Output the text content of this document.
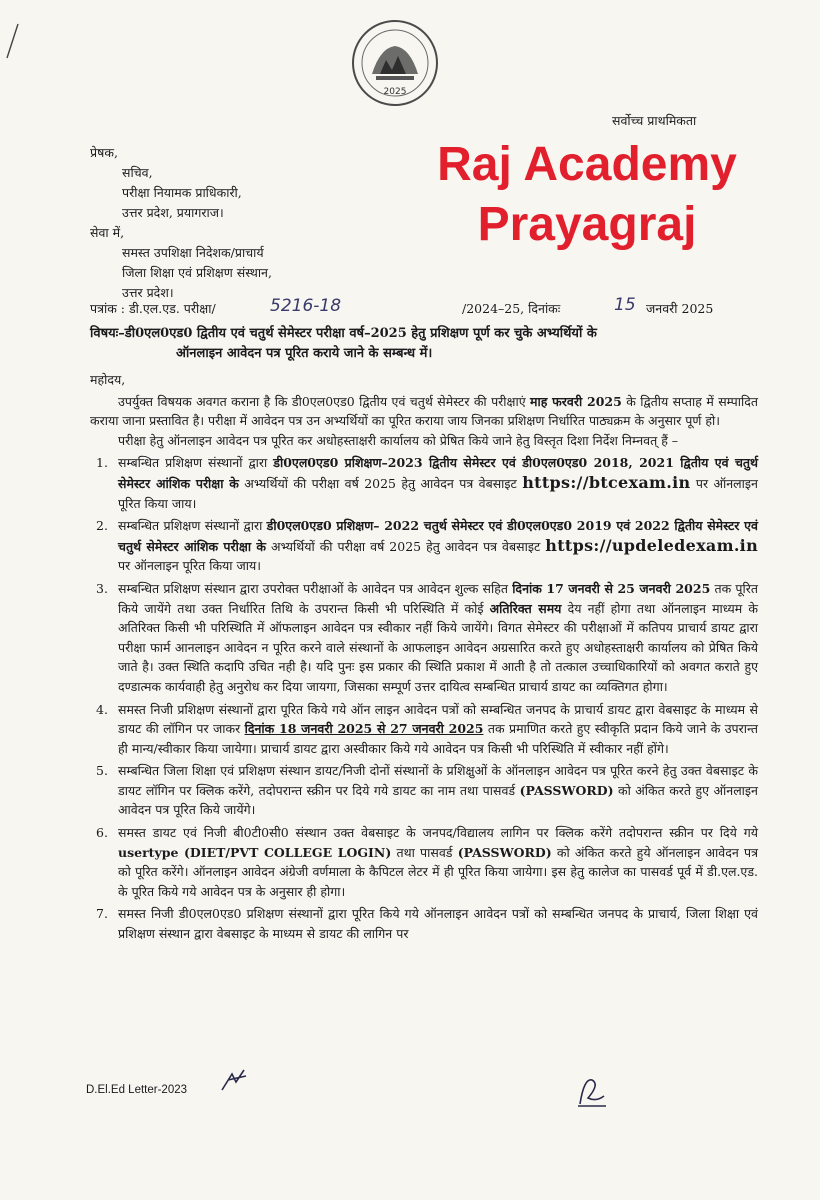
2025
सर्वोच्च प्राथमिकता
प्रेषक,
सचिव,
परीक्षा नियामक प्राधिकारी,
उत्तर प्रदेश, प्रयागराज।
सेवा में,
समस्त उपशिक्षा निदेशक/प्राचार्य
जिला शिक्षा एवं प्रशिक्षण संस्थान,
उत्तर प्रदेश।
Raj Academy
Prayagraj
पत्रांक : डी.एल.एड. परीक्षा/	5216-18	/2024–25, दिनांकः	15 जनवरी 2025
विषयः–डी0एल0एड0 द्वितीय एवं चतुर्थ सेमेस्टर परीक्षा वर्ष–2025 हेतु प्रशिक्षण पूर्ण कर चुके अभ्यर्थियों के
ऑनलाइन आवेदन पत्र पूरित कराये जाने के सम्बन्ध में।

महोदय,

उपर्युक्त विषयक अवगत कराना है कि डी0एल0एड0 द्वितीय एवं चतुर्थ सेमेस्टर की परीक्षाएं माह फरवरी 2025 के द्वितीय सप्ताह में सम्पादित कराया जाना प्रस्तावित है। परीक्षा में आवेदन पत्र उन अभ्यर्थियों का पूरित कराया जाय जिनका प्रशिक्षण निर्धारित पाठ्यक्रम के अनुसार पूर्ण हो।

परीक्षा हेतु ऑनलाइन आवेदन पत्र पूरित कर अधोहस्ताक्षरी कार्यालय को प्रेषित किये जाने हेतु विस्तृत दिशा निर्देश निम्नवत् हैं –

1. सम्बन्धित प्रशिक्षण संस्थानों द्वारा डी0एल0एड0 प्रशिक्षण–2023 द्वितीय सेमेस्टर एवं डी0एल0एड0 2018, 2021 द्वितीय एवं चतुर्थ सेमेस्टर आंशिक परीक्षा के अभ्यर्थियों की परीक्षा वर्ष 2025 हेतु आवेदन पत्र वेबसाइट https://btcexam.in पर ऑनलाइन पूरित किया जाय।
2. सम्बन्धित प्रशिक्षण संस्थानों द्वारा डी0एल0एड0 प्रशिक्षण– 2022 चतुर्थ सेमेस्टर एवं डी0एल0एड0 2019 एवं 2022 द्वितीय सेमेस्टर एवं चतुर्थ सेमेस्टर आंशिक परीक्षा के अभ्यर्थियों की परीक्षा वर्ष 2025 हेतु आवेदन पत्र वेबसाइट https://updeledexam.in पर ऑनलाइन पूरित किया जाय।
3. सम्बन्धित प्रशिक्षण संस्थान द्वारा उपरोक्त परीक्षाओं के आवेदन पत्र आवेदन शुल्क सहित दिनांक 17 जनवरी से 25 जनवरी 2025 तक पूरित किये जायेंगे तथा उक्त निर्धारित तिथि के उपरान्त किसी भी परिस्थिति में कोई अतिरिक्त समय देय नहीं होगा तथा ऑनलाइन माध्यम के अतिरिक्त किसी भी परिस्थिति में ऑफलाइन आवेदन पत्र स्वीकार नहीं किये जायेंगे। विगत सेमेस्टर की परीक्षाओं में कतिपय प्राचार्य डायट द्वारा परीक्षा फार्म आनलाइन आवेदन न पूरित करने वाले संस्थानों के आफलाइन आवेदन अग्रसारित करते हुए अधोहस्ताक्षरी कार्यालय को प्रेषित किये जाते है। उक्त स्थिति कदापि उचित नही है। यदि पुनः इस प्रकार की स्थिति प्रकाश में आती है तो तत्काल उच्चाधिकारियों को अवगत कराते हुए दण्डात्मक कार्यवाही हेतु अनुरोध कर दिया जायगा, जिसका सम्पूर्ण उत्तर दायित्व सम्बन्धित प्राचार्य डायट का व्यक्तिगत होगा।
4. समस्त निजी प्रशिक्षण संस्थानों द्वारा पूरित किये गये ऑन लाइन आवेदन पत्रों को सम्बन्धित जनपद के प्राचार्य डायट द्वारा वेबसाइट के माध्यम से डायट की लॉगिन पर जाकर दिनांक 18 जनवरी 2025 से 27 जनवरी 2025 तक प्रमाणित करते हुए स्वीकृति प्रदान किये जाने के उपरान्त ही मान्य/स्वीकार किया जायेगा। प्राचार्य डायट द्वारा अस्वीकार किये गये आवेदन पत्र किसी भी परिस्थिति में स्वीकार नहीं होंगे।
5. सम्बन्धित जिला शिक्षा एवं प्रशिक्षण संस्थान डायट/निजी दोनों संस्थानों के प्रशिक्षुओं के ऑनलाइन आवेदन पत्र पूरित करने हेतु उक्त वेबसाइट के डायट लॉगिन पर क्लिक करेंगे, तदोपरान्त स्क्रीन पर दिये गये डायट का नाम तथा पासवर्ड (PASSWORD) को अंकित करते हुए ऑनलाइन आवेदन पत्र पूरित किये जायेंगे।
6. समस्त डायट एवं निजी बी0टी0सी0 संस्थान उक्त वेबसाइट के जनपद/विद्यालय लागिन पर क्लिक करेंगे तदोपरान्त स्क्रीन पर दिये गये usertype (DIET/PVT COLLEGE LOGIN) तथा पासवर्ड (PASSWORD) को अंकित करते हुये ऑनलाइन आवेदन पत्र को पूरित करेंगे। ऑनलाइन आवेदन अंग्रेजी वर्णमाला के कैपिटल लेटर में ही पूरित किया जायेगा। इस हेतु कालेज का पासवर्ड पूर्व में डी.एल.एड. के पूरित किये गये आवेदन पत्र के अनुसार ही होगा।
7. समस्त निजी डी0एल0एड0 प्रशिक्षण संस्थानों द्वारा पूरित किये गये ऑनलाइन आवेदन पत्रों को सम्बन्धित जनपद के प्राचार्य, जिला शिक्षा एवं प्रशिक्षण संस्थान द्वारा वेबसाइट के माध्यम से डायट की लागिन पर
D.El.Ed Letter-2023
